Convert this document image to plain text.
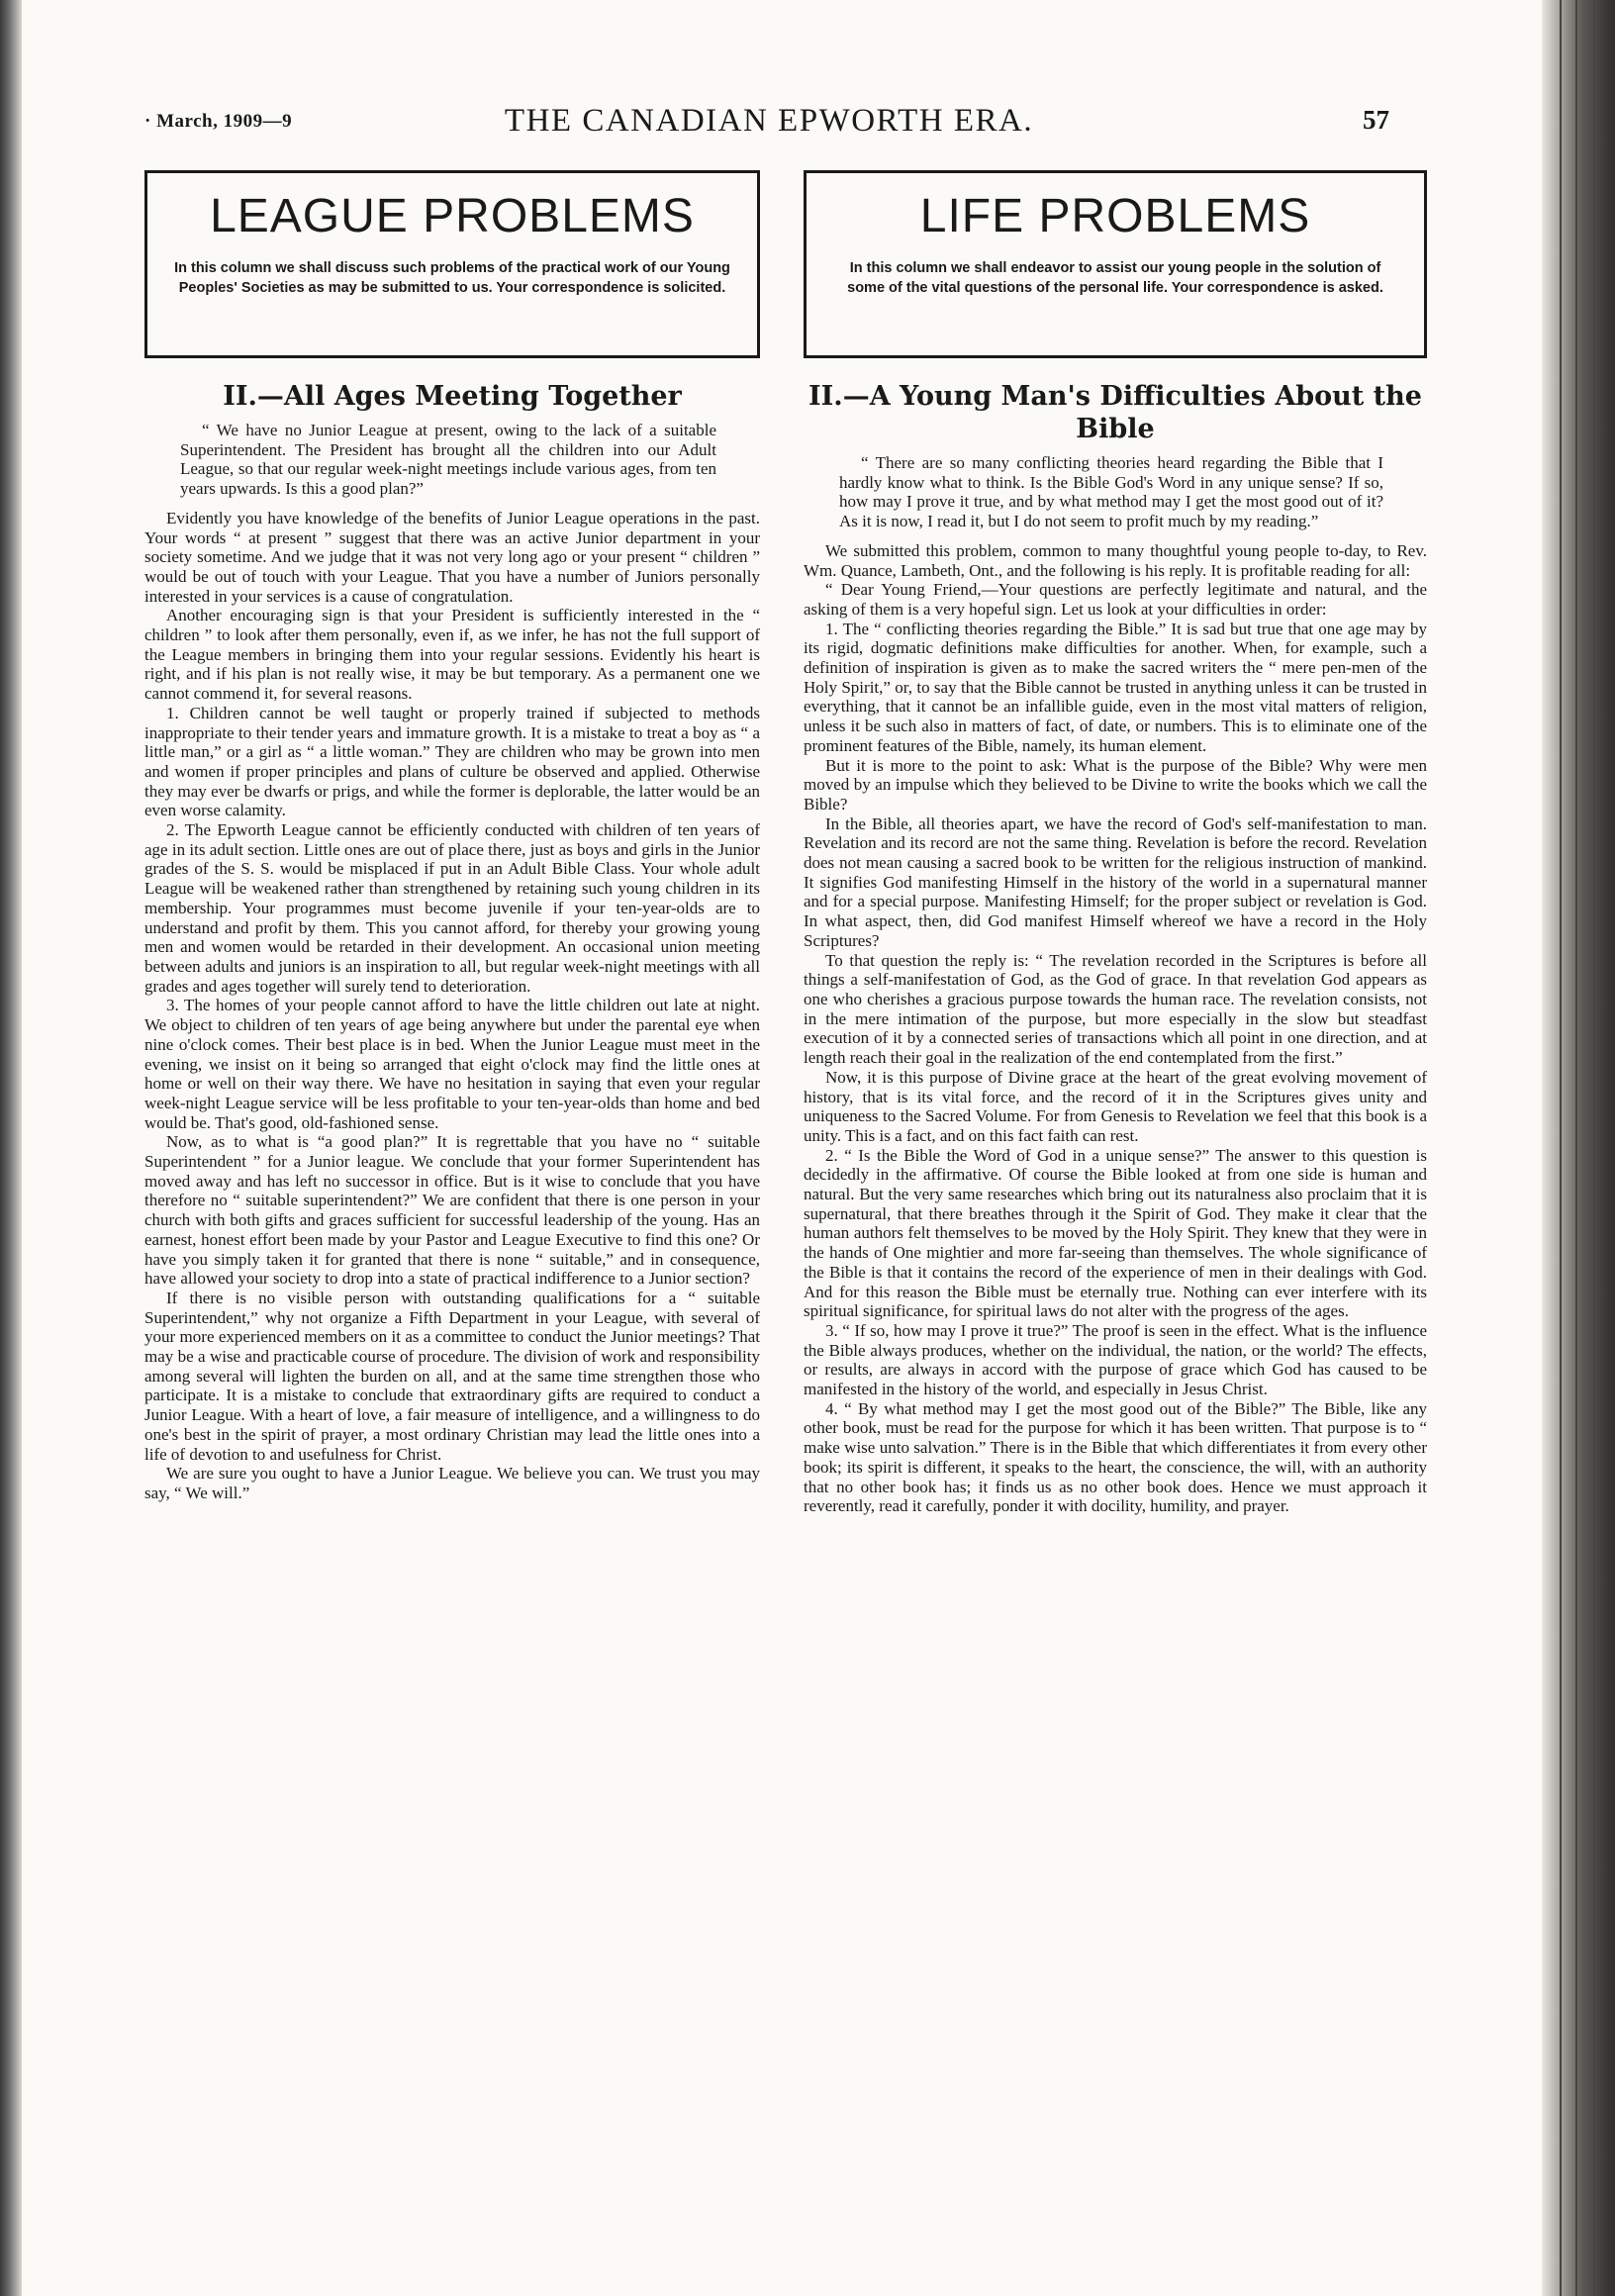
· March, 1909—9	THE CANADIAN EPWORTH ERA.	57
LEAGUE PROBLEMS
In this column we shall discuss such problems of the practical work of our Young Peoples' Societies as may be submitted to us. Your correspondence is solicited.
II.—All Ages Meeting Together

“ We have no Junior League at present, owing to the lack of a suitable Superintendent. The President has brought all the children into our Adult League, so that our regular week-night meetings include various ages, from ten years upwards. Is this a good plan?”

Evidently you have knowledge of the benefits of Junior League operations in the past. Your words “ at present ” suggest that there was an active Junior department in your society sometime. And we judge that it was not very long ago or your present “ children ” would be out of touch with your League. That you have a number of Juniors personally interested in your services is a cause of congratulation.

Another encouraging sign is that your President is sufficiently interested in the “ children ” to look after them personally, even if, as we infer, he has not the full support of the League members in bringing them into your regular sessions. Evidently his heart is right, and if his plan is not really wise, it may be but temporary. As a permanent one we cannot commend it, for several reasons.

1. Children cannot be well taught or properly trained if subjected to methods inappropriate to their tender years and immature growth. It is a mistake to treat a boy as “ a little man,” or a girl as “ a little woman.” They are children who may be grown into men and women if proper principles and plans of culture be observed and applied. Otherwise they may ever be dwarfs or prigs, and while the former is deplorable, the latter would be an even worse calamity.

2. The Epworth League cannot be efficiently conducted with children of ten years of age in its adult section. Little ones are out of place there, just as boys and girls in the Junior grades of the S. S. would be misplaced if put in an Adult Bible Class. Your whole adult League will be weakened rather than strengthened by retaining such young children in its membership. Your programmes must become juvenile if your ten-year-olds are to understand and profit by them. This you cannot afford, for thereby your growing young men and women would be retarded in their development. An occasional union meeting between adults and juniors is an inspiration to all, but regular week-night meetings with all grades and ages together will surely tend to deterioration.

3. The homes of your people cannot afford to have the little children out late at night. We object to children of ten years of age being anywhere but under the parental eye when nine o'clock comes. Their best place is in bed. When the Junior League must meet in the evening, we insist on it being so arranged that eight o'clock may find the little ones at home or well on their way there. We have no hesitation in saying that even your regular week-night League service will be less profitable to your ten-year-olds than home and bed would be. That's good, old-fashioned sense.

Now, as to what is “a good plan?” It is regrettable that you have no “ suitable Superintendent ” for a Junior league. We conclude that your former Superintendent has moved away and has left no successor in office. But is it wise to conclude that you have therefore no “ suitable superintendent?” We are confident that there is one person in your church with both gifts and graces sufficient for successful leadership of the young. Has an earnest, honest effort been made by your Pastor and League Executive to find this one? Or have you simply taken it for granted that there is none “ suitable,” and in consequence, have allowed your society to drop into a state of practical indifference to a Junior section?

If there is no visible person with outstanding qualifications for a “ suitable Superintendent,” why not organize a Fifth Department in your League, with several of your more experienced members on it as a committee to conduct the Junior meetings? That may be a wise and practicable course of procedure. The division of work and responsibility among several will lighten the burden on all, and at the same time strengthen those who participate. It is a mistake to conclude that extraordinary gifts are required to conduct a Junior League. With a heart of love, a fair measure of intelligence, and a willingness to do one's best in the spirit of prayer, a most ordinary Christian may lead the little ones into a life of devotion to and usefulness for Christ.

We are sure you ought to have a Junior League. We believe you can. We trust you may say, “ We will.”

LIFE PROBLEMS
In this column we shall endeavor to assist our young people in the solution of some of the vital questions of the personal life. Your correspondence is asked.
II.—A Young Man's Difficulties About the Bible

“ There are so many conflicting theories heard regarding the Bible that I hardly know what to think. Is the Bible God's Word in any unique sense? If so, how may I prove it true, and by what method may I get the most good out of it? As it is now, I read it, but I do not seem to profit much by my reading.”

We submitted this problem, common to many thoughtful young people to-day, to Rev. Wm. Quance, Lambeth, Ont., and the following is his reply. It is profitable reading for all:

“ Dear Young Friend,—Your questions are perfectly legitimate and natural, and the asking of them is a very hopeful sign. Let us look at your difficulties in order:

1. The “ conflicting theories regarding the Bible.” It is sad but true that one age may by its rigid, dogmatic definitions make difficulties for another. When, for example, such a definition of inspiration is given as to make the sacred writers the “ mere pen-men of the Holy Spirit,” or, to say that the Bible cannot be trusted in anything unless it can be trusted in everything, that it cannot be an infallible guide, even in the most vital matters of religion, unless it be such also in matters of fact, of date, or numbers. This is to eliminate one of the prominent features of the Bible, namely, its human element.

But it is more to the point to ask: What is the purpose of the Bible? Why were men moved by an impulse which they believed to be Divine to write the books which we call the Bible?

In the Bible, all theories apart, we have the record of God's self-manifestation to man. Revelation and its record are not the same thing. Revelation is before the record. Revelation does not mean causing a sacred book to be written for the religious instruction of mankind. It signifies God manifesting Himself in the history of the world in a supernatural manner and for a special purpose. Manifesting Himself; for the proper subject or revelation is God. In what aspect, then, did God manifest Himself whereof we have a record in the Holy Scriptures?

To that question the reply is: “ The revelation recorded in the Scriptures is before all things a self-manifestation of God, as the God of grace. In that revelation God appears as one who cherishes a gracious purpose towards the human race. The revelation consists, not in the mere intimation of the purpose, but more especially in the slow but steadfast execution of it by a connected series of transactions which all point in one direction, and at length reach their goal in the realization of the end contemplated from the first.”

Now, it is this purpose of Divine grace at the heart of the great evolving movement of history, that is its vital force, and the record of it in the Scriptures gives unity and uniqueness to the Sacred Volume. For from Genesis to Revelation we feel that this book is a unity. This is a fact, and on this fact faith can rest.

2. “ Is the Bible the Word of God in a unique sense?” The answer to this question is decidedly in the affirmative. Of course the Bible looked at from one side is human and natural. But the very same researches which bring out its naturalness also proclaim that it is supernatural, that there breathes through it the Spirit of God. They make it clear that the human authors felt themselves to be moved by the Holy Spirit. They knew that they were in the hands of One mightier and more far-seeing than themselves. The whole significance of the Bible is that it contains the record of the experience of men in their dealings with God. And for this reason the Bible must be eternally true. Nothing can ever interfere with its spiritual significance, for spiritual laws do not alter with the progress of the ages.

3. “ If so, how may I prove it true?” The proof is seen in the effect. What is the influence the Bible always produces, whether on the individual, the nation, or the world? The effects, or results, are always in accord with the purpose of grace which God has caused to be manifested in the history of the world, and especially in Jesus Christ.

4. “ By what method may I get the most good out of the Bible?” The Bible, like any other book, must be read for the purpose for which it has been written. That purpose is to “ make wise unto salvation.” There is in the Bible that which differentiates it from every other book; its spirit is different, it speaks to the heart, the conscience, the will, with an authority that no other book has; it finds us as no other book does. Hence we must approach it reverently, read it carefully, ponder it with docility, humility, and prayer.
